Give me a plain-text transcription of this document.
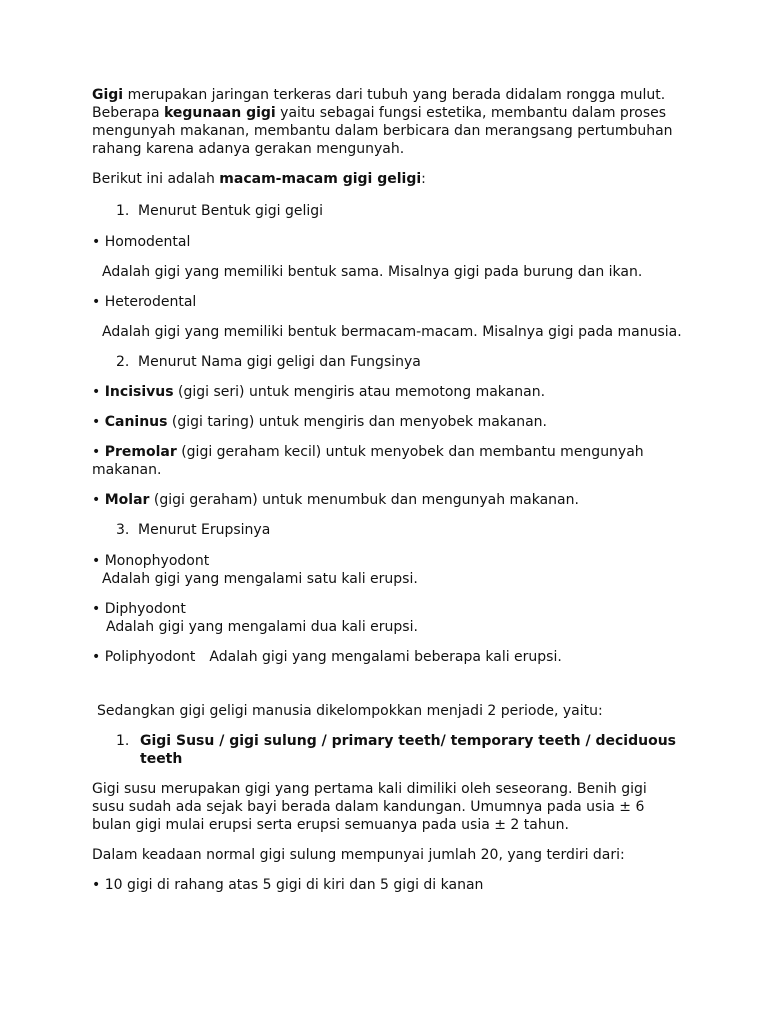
Gigi merupakan jaringan terkeras dari tubuh yang berada didalam rongga mulut. Beberapa kegunaan gigi yaitu sebagai fungsi estetika, membantu dalam proses mengunyah makanan, membantu dalam berbicara dan merangsang pertumbuhan rahang karena adanya gerakan mengunyah.

Berikut ini adalah macam-macam gigi geligi:

1. Menurut Bentuk gigi geligi

• Homodental

Adalah gigi yang memiliki bentuk sama. Misalnya gigi pada burung dan ikan.

• Heterodental

Adalah gigi yang memiliki bentuk bermacam-macam. Misalnya gigi pada manusia.

2. Menurut Nama gigi geligi dan Fungsinya

• Incisivus (gigi seri) untuk mengiris atau memotong makanan.

• Caninus (gigi taring) untuk mengiris dan menyobek makanan.

• Premolar (gigi geraham kecil) untuk menyobek dan membantu mengunyah makanan.

• Molar (gigi geraham) untuk menumbuk dan mengunyah makanan.

3. Menurut Erupsinya

• Monophyodont

Adalah gigi yang mengalami satu kali erupsi.

• Diphyodont

Adalah gigi yang mengalami dua kali erupsi.

• Poliphyodont Adalah gigi yang mengalami beberapa kali erupsi.

Sedangkan gigi geligi manusia dikelompokkan menjadi 2 periode, yaitu:

1. Gigi Susu / gigi sulung / primary teeth/ temporary teeth / deciduous teeth

Gigi susu merupakan gigi yang pertama kali dimiliki oleh seseorang. Benih gigi susu sudah ada sejak bayi berada dalam kandungan. Umumnya pada usia ± 6 bulan gigi mulai erupsi serta erupsi semuanya pada usia ± 2 tahun.

Dalam keadaan normal gigi sulung mempunyai jumlah 20, yang terdiri dari:

• 10 gigi di rahang atas 5 gigi di kiri dan 5 gigi di kanan
